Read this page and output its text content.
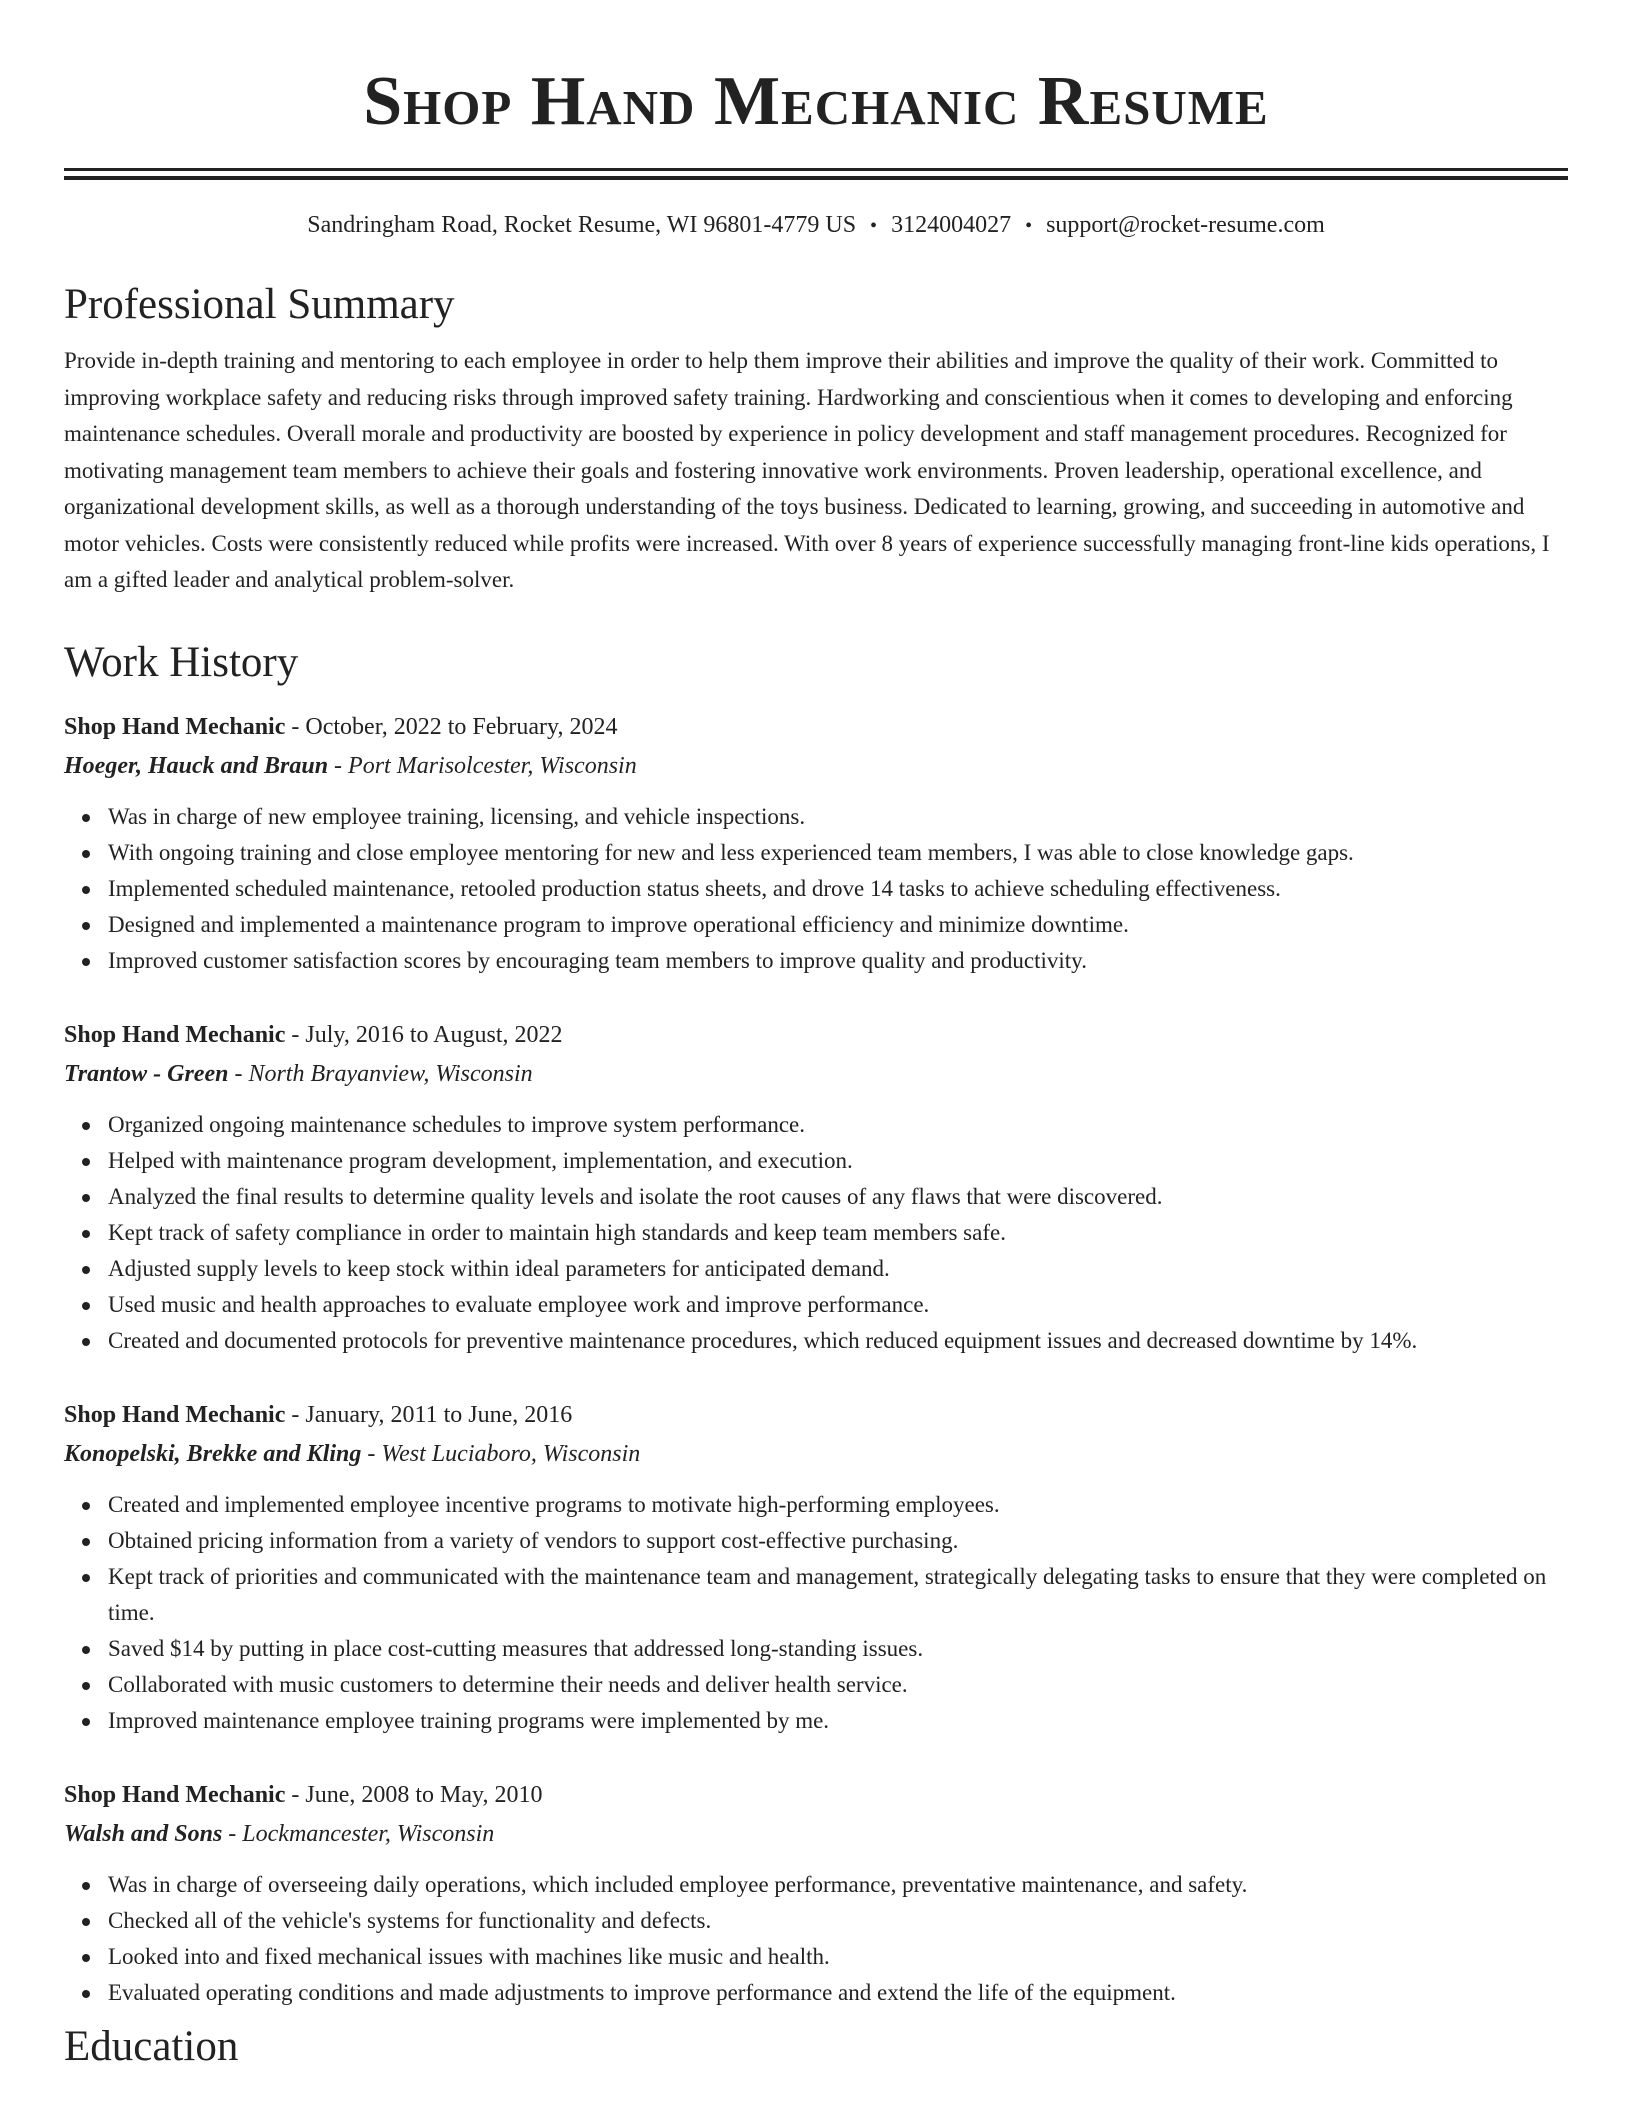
Shop Hand Mechanic Resume
Sandringham Road, Rocket Resume, WI 96801-4779 US • 3124004027 • support@rocket-resume.com
Professional Summary
Provide in-depth training and mentoring to each employee in order to help them improve their abilities and improve the quality of their work. Committed to improving workplace safety and reducing risks through improved safety training. Hardworking and conscientious when it comes to developing and enforcing maintenance schedules. Overall morale and productivity are boosted by experience in policy development and staff management procedures. Recognized for motivating management team members to achieve their goals and fostering innovative work environments. Proven leadership, operational excellence, and organizational development skills, as well as a thorough understanding of the toys business. Dedicated to learning, growing, and succeeding in automotive and motor vehicles. Costs were consistently reduced while profits were increased. With over 8 years of experience successfully managing front-line kids operations, I am a gifted leader and analytical problem-solver.
Work History
Shop Hand Mechanic - October, 2022 to February, 2024
Hoeger, Hauck and Braun - Port Marisolcester, Wisconsin
Was in charge of new employee training, licensing, and vehicle inspections.
With ongoing training and close employee mentoring for new and less experienced team members, I was able to close knowledge gaps.
Implemented scheduled maintenance, retooled production status sheets, and drove 14 tasks to achieve scheduling effectiveness.
Designed and implemented a maintenance program to improve operational efficiency and minimize downtime.
Improved customer satisfaction scores by encouraging team members to improve quality and productivity.
Shop Hand Mechanic - July, 2016 to August, 2022
Trantow - Green - North Brayanview, Wisconsin
Organized ongoing maintenance schedules to improve system performance.
Helped with maintenance program development, implementation, and execution.
Analyzed the final results to determine quality levels and isolate the root causes of any flaws that were discovered.
Kept track of safety compliance in order to maintain high standards and keep team members safe.
Adjusted supply levels to keep stock within ideal parameters for anticipated demand.
Used music and health approaches to evaluate employee work and improve performance.
Created and documented protocols for preventive maintenance procedures, which reduced equipment issues and decreased downtime by 14%.
Shop Hand Mechanic - January, 2011 to June, 2016
Konopelski, Brekke and Kling - West Luciaboro, Wisconsin
Created and implemented employee incentive programs to motivate high-performing employees.
Obtained pricing information from a variety of vendors to support cost-effective purchasing.
Kept track of priorities and communicated with the maintenance team and management, strategically delegating tasks to ensure that they were completed on time.
Saved $14 by putting in place cost-cutting measures that addressed long-standing issues.
Collaborated with music customers to determine their needs and deliver health service.
Improved maintenance employee training programs were implemented by me.
Shop Hand Mechanic - June, 2008 to May, 2010
Walsh and Sons - Lockmancester, Wisconsin
Was in charge of overseeing daily operations, which included employee performance, preventative maintenance, and safety.
Checked all of the vehicle's systems for functionality and defects.
Looked into and fixed mechanical issues with machines like music and health.
Evaluated operating conditions and made adjustments to improve performance and extend the life of the equipment.
Education
